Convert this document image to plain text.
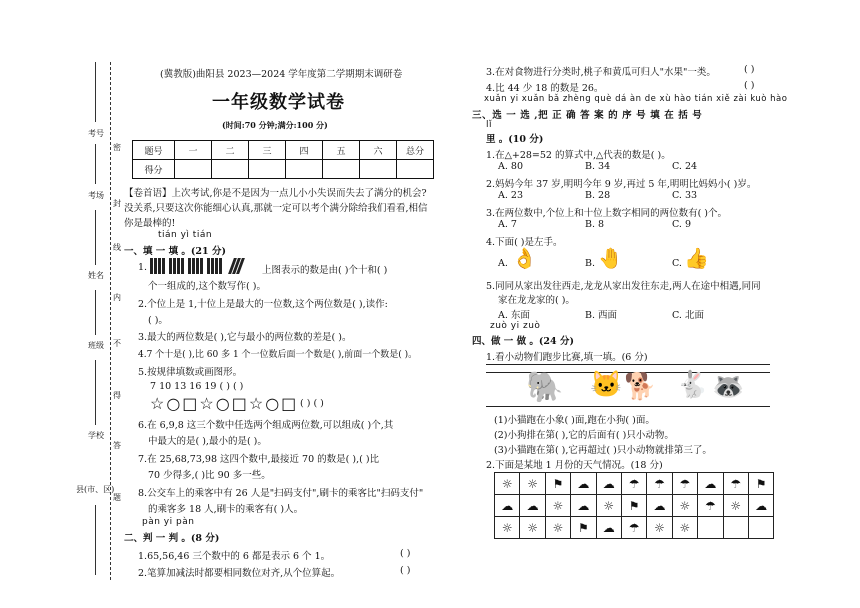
考号
考场
姓名
班级
学校
县(市、区)
密
封
线
内
不
得
答
题
(冀教版)曲阳县 2023—2024 学年度第二学期期末调研卷
一年级数学试卷
(时间:70 分钟;满分:100 分)
题号	一	二	三	四	五	六	总分
得分							
【卷首语】上次考试,你是不是因为一点儿小小失误而失去了满分的机会?
没关系,只要这次你能细心认真,那就一定可以考个满分除给我们看看,相信
你是最棒的!
tián yì tián
一、填 一 填 。(21 分)
1.
	上图表示的数是由( )个十和( )
个一组成的,这个数写作( )。
2.个位上是 1,十位上是最大的一位数,这个两位数是( ),读作:
( )。
3.最大的两位数是( ),它与最小的两位数的差是( )。
4.7 个十是( ),比 60 多 1 个一位数后面一个数是( ),前面一个数是( )。
5.按规律填数或画图形。
7 10 13 16 19 ( ) ( )
☆○□☆○□☆○□ ( ) ( )
6.在 6,9,8 这三个数中任选两个组成两位数,可以组成( )个,其
中最大的是( ),最小的是( )。
7.在 25,68,73,98 这四个数中,最接近 70 的数是( ),( )比
70 少得多,( )比 90 多一些。
8.公交车上的乘客中有 26 人是"扫码支付",刷卡的乘客比"扫码支付"
的乘客多 18 人,刷卡的乘客有( )人。
pàn yi pàn
二、判 一 判 。(8 分)
1.65,56,46 三个数中的 6 都是表示 6 个 1。	( )
2.笔算加减法时都要相同数位对齐,从个位算起。	( )
3.在对食物进行分类时,桃子和黄瓜可归人"水果"一类。	( )
4.比 44 少 18 的数是 26。	( )
xuǎn yi xuǎn bǎ zhèng què dá àn de xù hào tián xiě zài kuò hào
三、选 一 选 ,把 正 确 答 案 的 序 号 填 在 括 号
lǐ
里 。(10 分)
1.在△+28=52 的算式中,△代表的数是( )。
A. 80	B. 34	C. 24
2.妈妈今年 37 岁,明明今年 9 岁,再过 5 年,明明比妈妈小( )岁。
A. 23	B. 28	C. 33
3.在两位数中,个位上和十位上数字相同的两位数有( )个。
A. 7	B. 8	C. 9
4.下面( )是左手。
A. 👌	B. 🤚	C. 👍
5.同同从家出发往西走,龙龙从家出发往东走,两人在途中相遇,同同
家在龙龙家的( )。
A. 东面	B. 西面	C. 北面
zuò yi zuò
四、做 一 做 。(24 分)
1.看小动物们跑步比赛,填一填。(6 分)
🐘 🐱 🐕 🐇 🦝
(1)小猫跑在小象( )面,跑在小狗( )面。
(2)小狗排在第( ),它的后面有( )只小动物。
(3)小猫跑在第( ),它再超过( )只小动物就排第三了。
2.下面是某地 1 月份的天气情况。(18 分)
☼	☼	⚑	☁	☁	☂	☂	☂	☁	☂	⚑
☁	☁	☼	☁	☼	⚑	☁	☼	☂	☼	☁
☼	☼	☼	⚑	☁	☂	☼	☼			
